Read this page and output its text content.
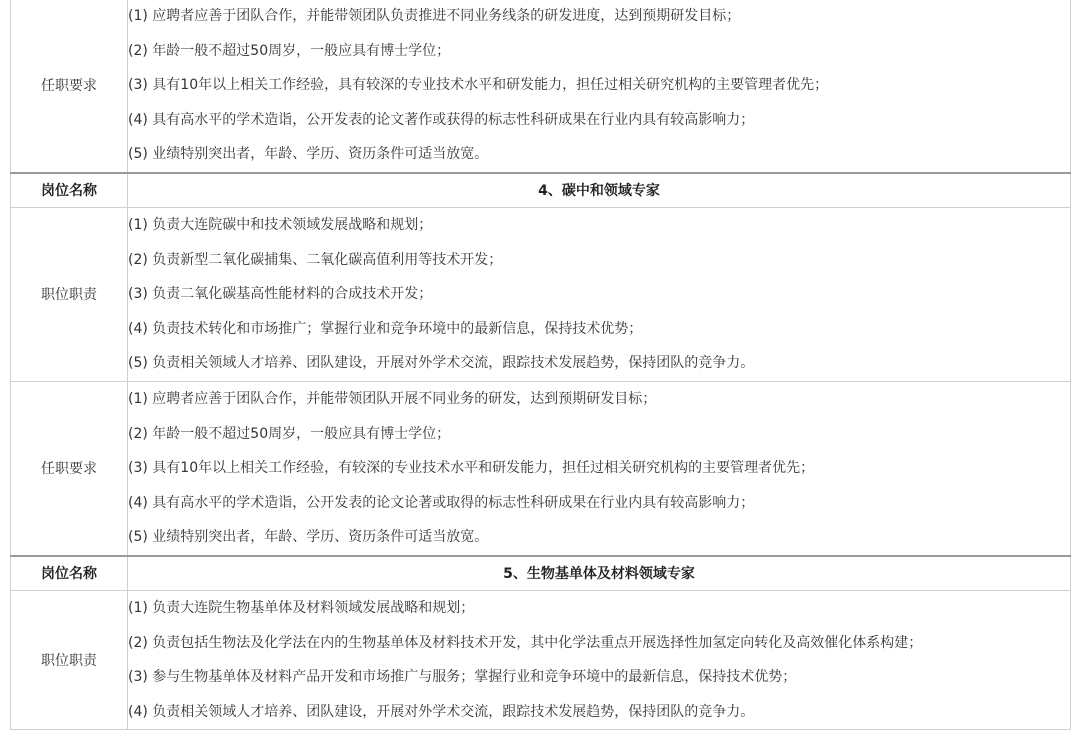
任职要求	(1) 应聘者应善于团队合作，并能带领团队负责推进不同业务线条的研发进度，达到预期研发目标；
(2) 年龄一般不超过50周岁，一般应具有博士学位；
(3) 具有10年以上相关工作经验，具有较深的专业技术水平和研发能力，担任过相关研究机构的主要管理者优先；
(4) 具有高水平的学术造诣，公开发表的论文著作或获得的标志性科研成果在行业内具有较高影响力；
(5) 业绩特别突出者，年龄、学历、资历条件可适当放宽。

岗位名称	4、碳中和领域专家
职位职责	(1) 负责大连院碳中和技术领域发展战略和规划；
(2) 负责新型二氧化碳捕集、二氧化碳高值利用等技术开发；
(3) 负责二氧化碳基高性能材料的合成技术开发；
(4) 负责技术转化和市场推广；掌握行业和竞争环境中的最新信息，保持技术优势；
(5) 负责相关领域人才培养、团队建设，开展对外学术交流，跟踪技术发展趋势，保持团队的竞争力。

任职要求	(1) 应聘者应善于团队合作，并能带领团队开展不同业务的研发，达到预期研发目标；
(2) 年龄一般不超过50周岁，一般应具有博士学位；
(3) 具有10年以上相关工作经验，有较深的专业技术水平和研发能力，担任过相关研究机构的主要管理者优先；
(4) 具有高水平的学术造诣，公开发表的论文论著或取得的标志性科研成果在行业内具有较高影响力；
(5) 业绩特别突出者，年龄、学历、资历条件可适当放宽。

岗位名称	5、生物基单体及材料领域专家
职位职责	(1) 负责大连院生物基单体及材料领域发展战略和规划；
(2) 负责包括生物法及化学法在内的生物基单体及材料技术开发，其中化学法重点开展选择性加氢定向转化及高效催化体系构建；
(3) 参与生物基单体及材料产品开发和市场推广与服务；掌握行业和竞争环境中的最新信息，保持技术优势；
(4) 负责相关领域人才培养、团队建设，开展对外学术交流，跟踪技术发展趋势，保持团队的竞争力。
